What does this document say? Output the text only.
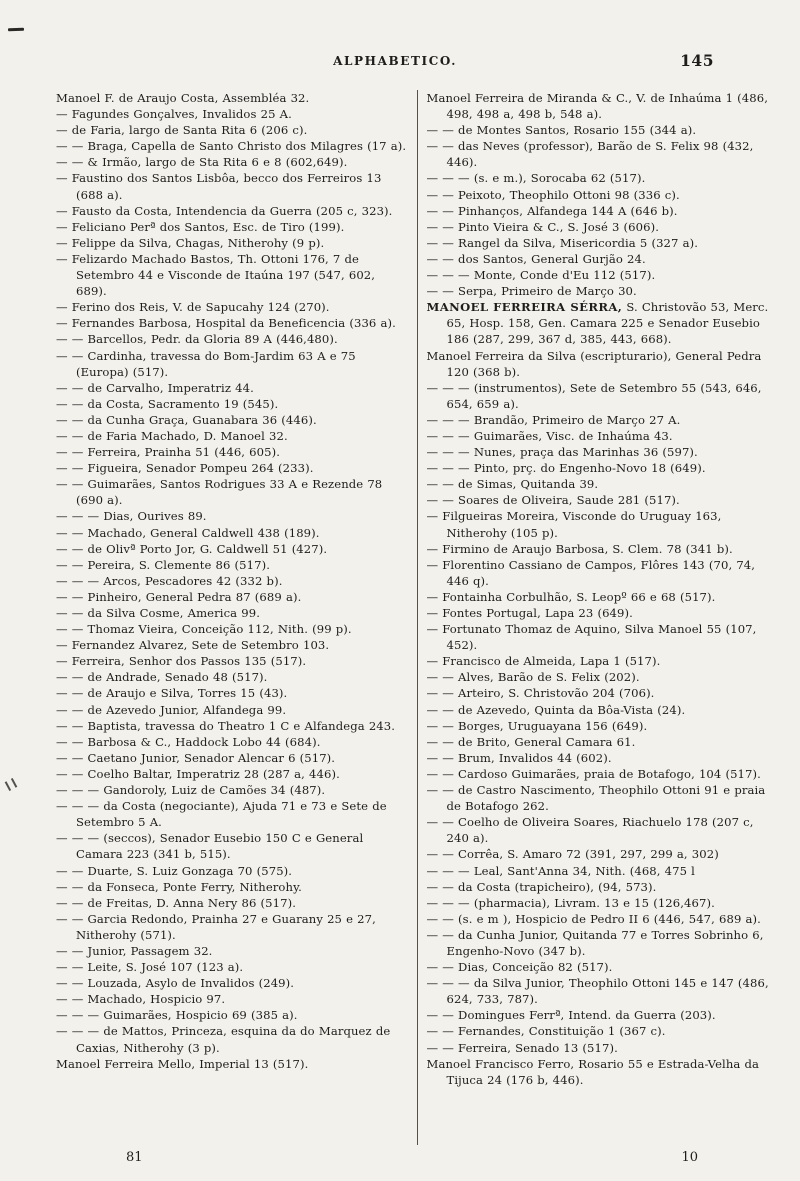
ALPHABETICO.	145

Manoel F. de Araujo Costa, Assembléa 32.

— Fagundes Gonçalves, Invalidos 25 A.

— de Faria, largo de Santa Rita 6 (206 c).

— — Braga, Capella de Santo Christo dos Milagres (17 a).

— — & Irmão, largo de Sta Rita 6 e 8 (602,649).

— Faustino dos Santos Lisbôa, becco dos Ferreiros 13 (688 a).

— Fausto da Costa, Intendencia da Guerra (205 c, 323).

— Feliciano Perª dos Santos, Esc. de Tiro (199).

— Felippe da Silva, Chagas, Nitherohy (9 p).

— Felizardo Machado Bastos, Th. Ottoni 176, 7 de Setembro 44 e Visconde de Itaúna 197 (547, 602, 689).

— Ferino dos Reis, V. de Sapucahy 124 (270).

— Fernandes Barbosa, Hospital da Beneficencia (336 a).

— — Barcellos, Pedr. da Gloria 89 A (446,480).

— — Cardinha, travessa do Bom-Jardim 63 A e 75 (Europa) (517).

— — de Carvalho, Imperatriz 44.

— — da Costa, Sacramento 19 (545).

— — da Cunha Graça, Guanabara 36 (446).

— — de Faria Machado, D. Manoel 32.

— — Ferreira, Prainha 51 (446, 605).

— — Figueira, Senador Pompeu 264 (233).

— — Guimarães, Santos Rodrigues 33 A e Rezende 78 (690 a).

— — — Dias, Ourives 89.

— — Machado, General Caldwell 438 (189).

— — de Olivª Porto Jor, G. Caldwell 51 (427).

— — Pereira, S. Clemente 86 (517).

— — — Arcos, Pescadores 42 (332 b).

— — Pinheiro, General Pedra 87 (689 a).

— — da Silva Cosme, America 99.

— — Thomaz Vieira, Conceição 112, Nith. (99 p).

— Fernandez Alvarez, Sete de Setembro 103.

— Ferreira, Senhor dos Passos 135 (517).

— — de Andrade, Senado 48 (517).

— — de Araujo e Silva, Torres 15 (43).

— — de Azevedo Junior, Alfandega 99.

— — Baptista, travessa do Theatro 1 C e Alfandega 243.

— — Barbosa & C., Haddock Lobo 44 (684).

— — Caetano Junior, Senador Alencar 6 (517).

— — Coelho Baltar, Imperatriz 28 (287 a, 446).

— — — Gandoroly, Luiz de Camões 34 (487).

— — — da Costa (negociante), Ajuda 71 e 73 e Sete de Setembro 5 A.

— — — (seccos), Senador Eusebio 150 C e General Camara 223 (341 b, 515).

— — Duarte, S. Luiz Gonzaga 70 (575).

— — da Fonseca, Ponte Ferry, Nitherohy.

— — de Freitas, D. Anna Nery 86 (517).

— — Garcia Redondo, Prainha 27 e Guarany 25 e 27, Nitherohy (571).

— — Junior, Passagem 32.

— — Leite, S. José 107 (123 a).

— — Louzada, Asylo de Invalidos (249).

— — Machado, Hospicio 97.

— — — Guimarães, Hospicio 69 (385 a).

— — — de Mattos, Princeza, esquina da do Marquez de Caxias, Nitherohy (3 p).

Manoel Ferreira Mello, Imperial 13 (517).

Manoel Ferreira de Miranda & C., V. de Inhaúma 1 (486, 498, 498 a, 498 b, 548 a).

— — de Montes Santos, Rosario 155 (344 a).

— — das Neves (professor), Barão de S. Felix 98 (432, 446).

— — — (s. e m.), Sorocaba 62 (517).

— — Peixoto, Theophilo Ottoni 98 (336 c).

— — Pinhanços, Alfandega 144 A (646 b).

— — Pinto Vieira & C., S. José 3 (606).

— — Rangel da Silva, Misericordia 5 (327 a).

— — dos Santos, General Gurjão 24.

— — — Monte, Conde d'Eu 112 (517).

— — Serpa, Primeiro de Março 30.

MANOEL FERREIRA SÉRRA, S. Christovão 53, Merc. 65, Hosp. 158, Gen. Camara 225 e Senador Eusebio 186 (287, 299, 367 d, 385, 443, 668).

Manoel Ferreira da Silva (escripturario), General Pedra 120 (368 b).

— — — (instrumentos), Sete de Setembro 55 (543, 646, 654, 659 a).

— — — Brandão, Primeiro de Março 27 A.

— — — Guimarães, Visc. de Inhaúma 43.

— — — Nunes, praça das Marinhas 36 (597).

— — — Pinto, prç. do Engenho-Novo 18 (649).

— — de Simas, Quitanda 39.

— — Soares de Oliveira, Saude 281 (517).

— Filgueiras Moreira, Visconde do Uruguay 163, Nitherohy (105 p).

— Firmino de Araujo Barbosa, S. Clem. 78 (341 b).

— Florentino Cassiano de Campos, Flôres 143 (70, 74, 446 q).

— Fontainha Corbulhão, S. Leopº 66 e 68 (517).

— Fontes Portugal, Lapa 23 (649).

— Fortunato Thomaz de Aquino, Silva Manoel 55 (107, 452).

— Francisco de Almeida, Lapa 1 (517).

— — Alves, Barão de S. Felix (202).

— — Arteiro, S. Christovão 204 (706).

— — de Azevedo, Quinta da Bôa-Vista (24).

— — Borges, Uruguayana 156 (649).

— — de Brito, General Camara 61.

— — Brum, Invalidos 44 (602).

— — Cardoso Guimarães, praia de Botafogo, 104 (517).

— — de Castro Nascimento, Theophilo Ottoni 91 e praia de Botafogo 262.

— — Coelho de Oliveira Soares, Riachuelo 178 (207 c, 240 a).

— — Corrêa, S. Amaro 72 (391, 297, 299 a, 302)

— — — Leal, Sant'Anna 34, Nith. (468, 475 l

— — da Costa (trapicheiro), (94, 573).

— — — (pharmacia), Livram. 13 e 15 (126,467).

— — (s. e m ), Hospicio de Pedro II 6 (446, 547, 689 a).

— — da Cunha Junior, Quitanda 77 e Torres Sobrinho 6, Engenho-Novo (347 b).

— — Dias, Conceição 82 (517).

— — — da Silva Junior, Theophilo Ottoni 145 e 147 (486, 624, 733, 787).

— — Domingues Ferrª, Intend. da Guerra (203).

— — Fernandes, Constituição 1 (367 c).

— — Ferreira, Senado 13 (517).

Manoel Francisco Ferro, Rosario 55 e Estrada-Velha da Tijuca 24 (176 b, 446).

81	10
